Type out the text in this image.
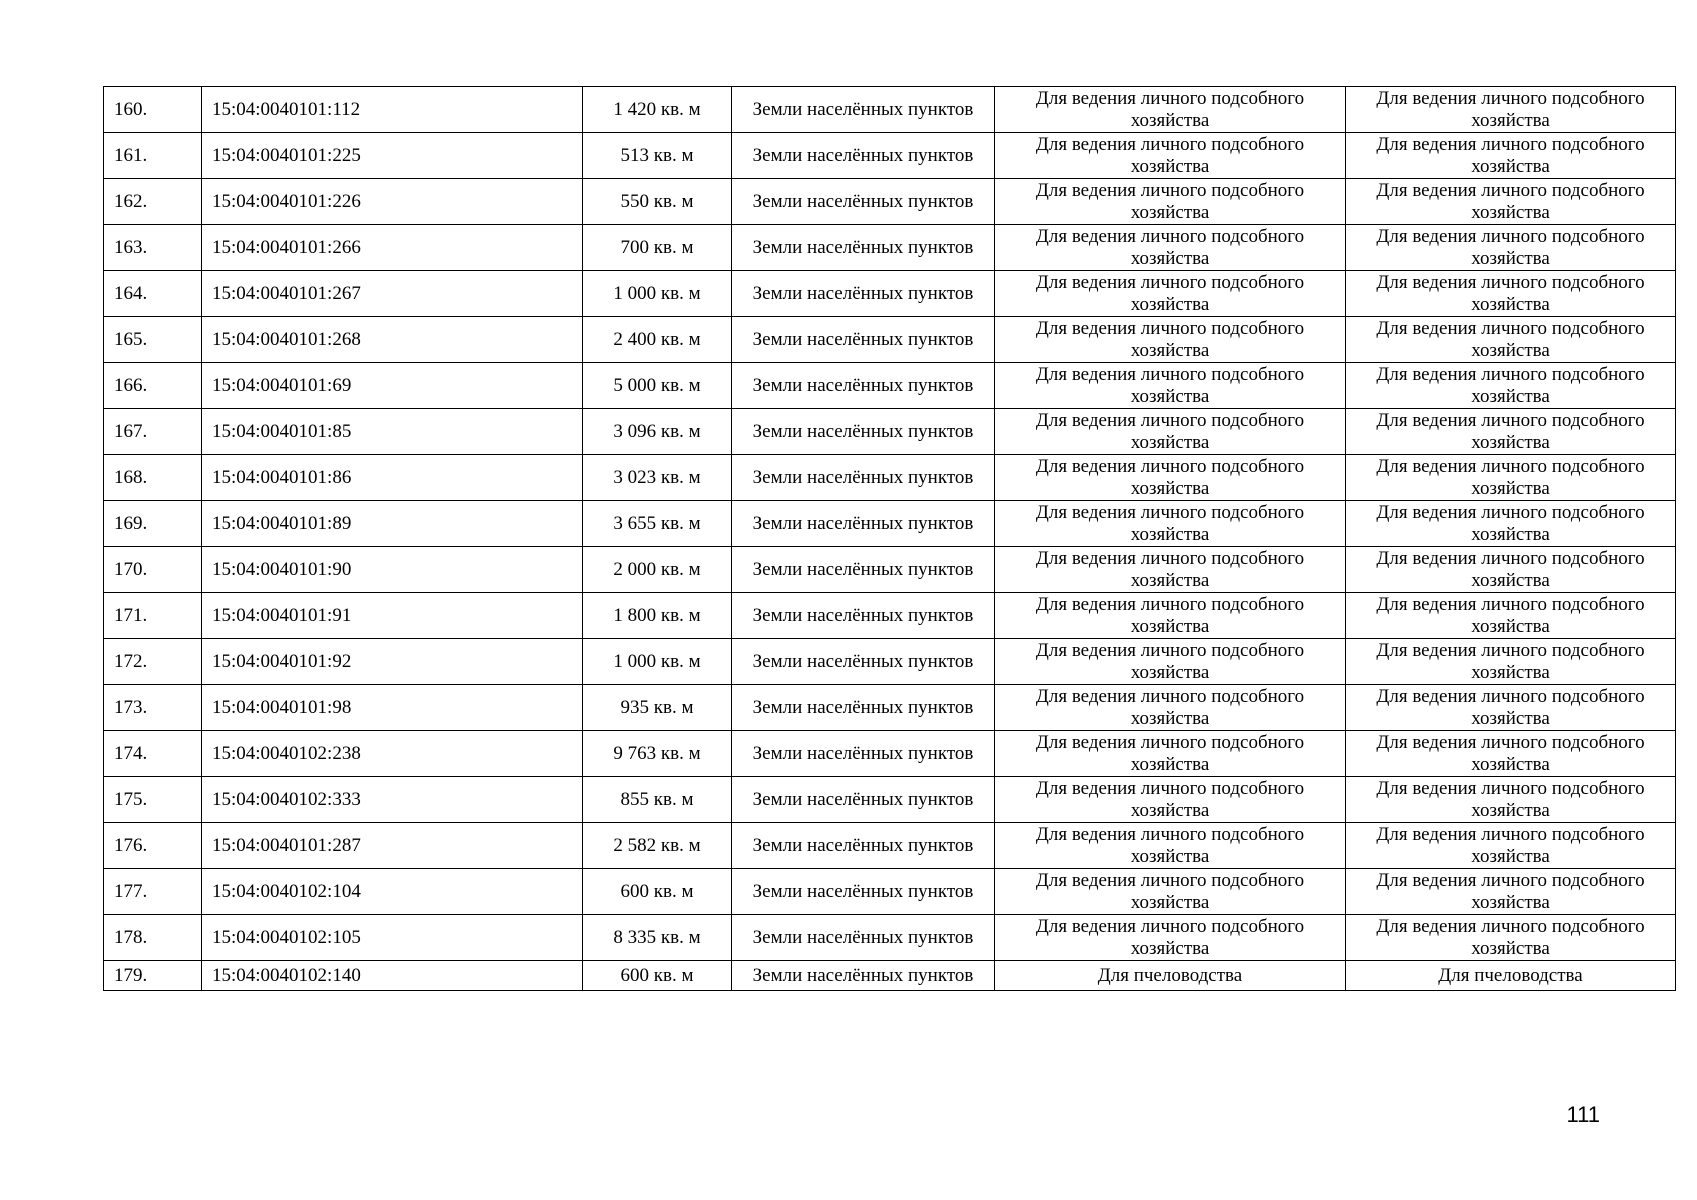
160.	15:04:0040101:112	1 420 кв. м	Земли населённых пунктов	Для ведения личного подсобного хозяйства	Для ведения личного подсобного хозяйства
161.	15:04:0040101:225	513 кв. м	Земли населённых пунктов	Для ведения личного подсобного хозяйства	Для ведения личного подсобного хозяйства
162.	15:04:0040101:226	550 кв. м	Земли населённых пунктов	Для ведения личного подсобного хозяйства	Для ведения личного подсобного хозяйства
163.	15:04:0040101:266	700 кв. м	Земли населённых пунктов	Для ведения личного подсобного хозяйства	Для ведения личного подсобного хозяйства
164.	15:04:0040101:267	1 000 кв. м	Земли населённых пунктов	Для ведения личного подсобного хозяйства	Для ведения личного подсобного хозяйства
165.	15:04:0040101:268	2 400 кв. м	Земли населённых пунктов	Для ведения личного подсобного хозяйства	Для ведения личного подсобного хозяйства
166.	15:04:0040101:69	5 000 кв. м	Земли населённых пунктов	Для ведения личного подсобного хозяйства	Для ведения личного подсобного хозяйства
167.	15:04:0040101:85	3 096 кв. м	Земли населённых пунктов	Для ведения личного подсобного хозяйства	Для ведения личного подсобного хозяйства
168.	15:04:0040101:86	3 023 кв. м	Земли населённых пунктов	Для ведения личного подсобного хозяйства	Для ведения личного подсобного хозяйства
169.	15:04:0040101:89	3 655 кв. м	Земли населённых пунктов	Для ведения личного подсобного хозяйства	Для ведения личного подсобного хозяйства
170.	15:04:0040101:90	2 000 кв. м	Земли населённых пунктов	Для ведения личного подсобного хозяйства	Для ведения личного подсобного хозяйства
171.	15:04:0040101:91	1 800 кв. м	Земли населённых пунктов	Для ведения личного подсобного хозяйства	Для ведения личного подсобного хозяйства
172.	15:04:0040101:92	1 000 кв. м	Земли населённых пунктов	Для ведения личного подсобного хозяйства	Для ведения личного подсобного хозяйства
173.	15:04:0040101:98	935 кв. м	Земли населённых пунктов	Для ведения личного подсобного хозяйства	Для ведения личного подсобного хозяйства
174.	15:04:0040102:238	9 763 кв. м	Земли населённых пунктов	Для ведения личного подсобного хозяйства	Для ведения личного подсобного хозяйства
175.	15:04:0040102:333	855 кв. м	Земли населённых пунктов	Для ведения личного подсобного хозяйства	Для ведения личного подсобного хозяйства
176.	15:04:0040101:287	2 582 кв. м	Земли населённых пунктов	Для ведения личного подсобного хозяйства	Для ведения личного подсобного хозяйства
177.	15:04:0040102:104	600 кв. м	Земли населённых пунктов	Для ведения личного подсобного хозяйства	Для ведения личного подсобного хозяйства
178.	15:04:0040102:105	8 335 кв. м	Земли населённых пунктов	Для ведения личного подсобного хозяйства	Для ведения личного подсобного хозяйства
179.	15:04:0040102:140	600 кв. м	Земли населённых пунктов	Для пчеловодства	Для пчеловодства
111
